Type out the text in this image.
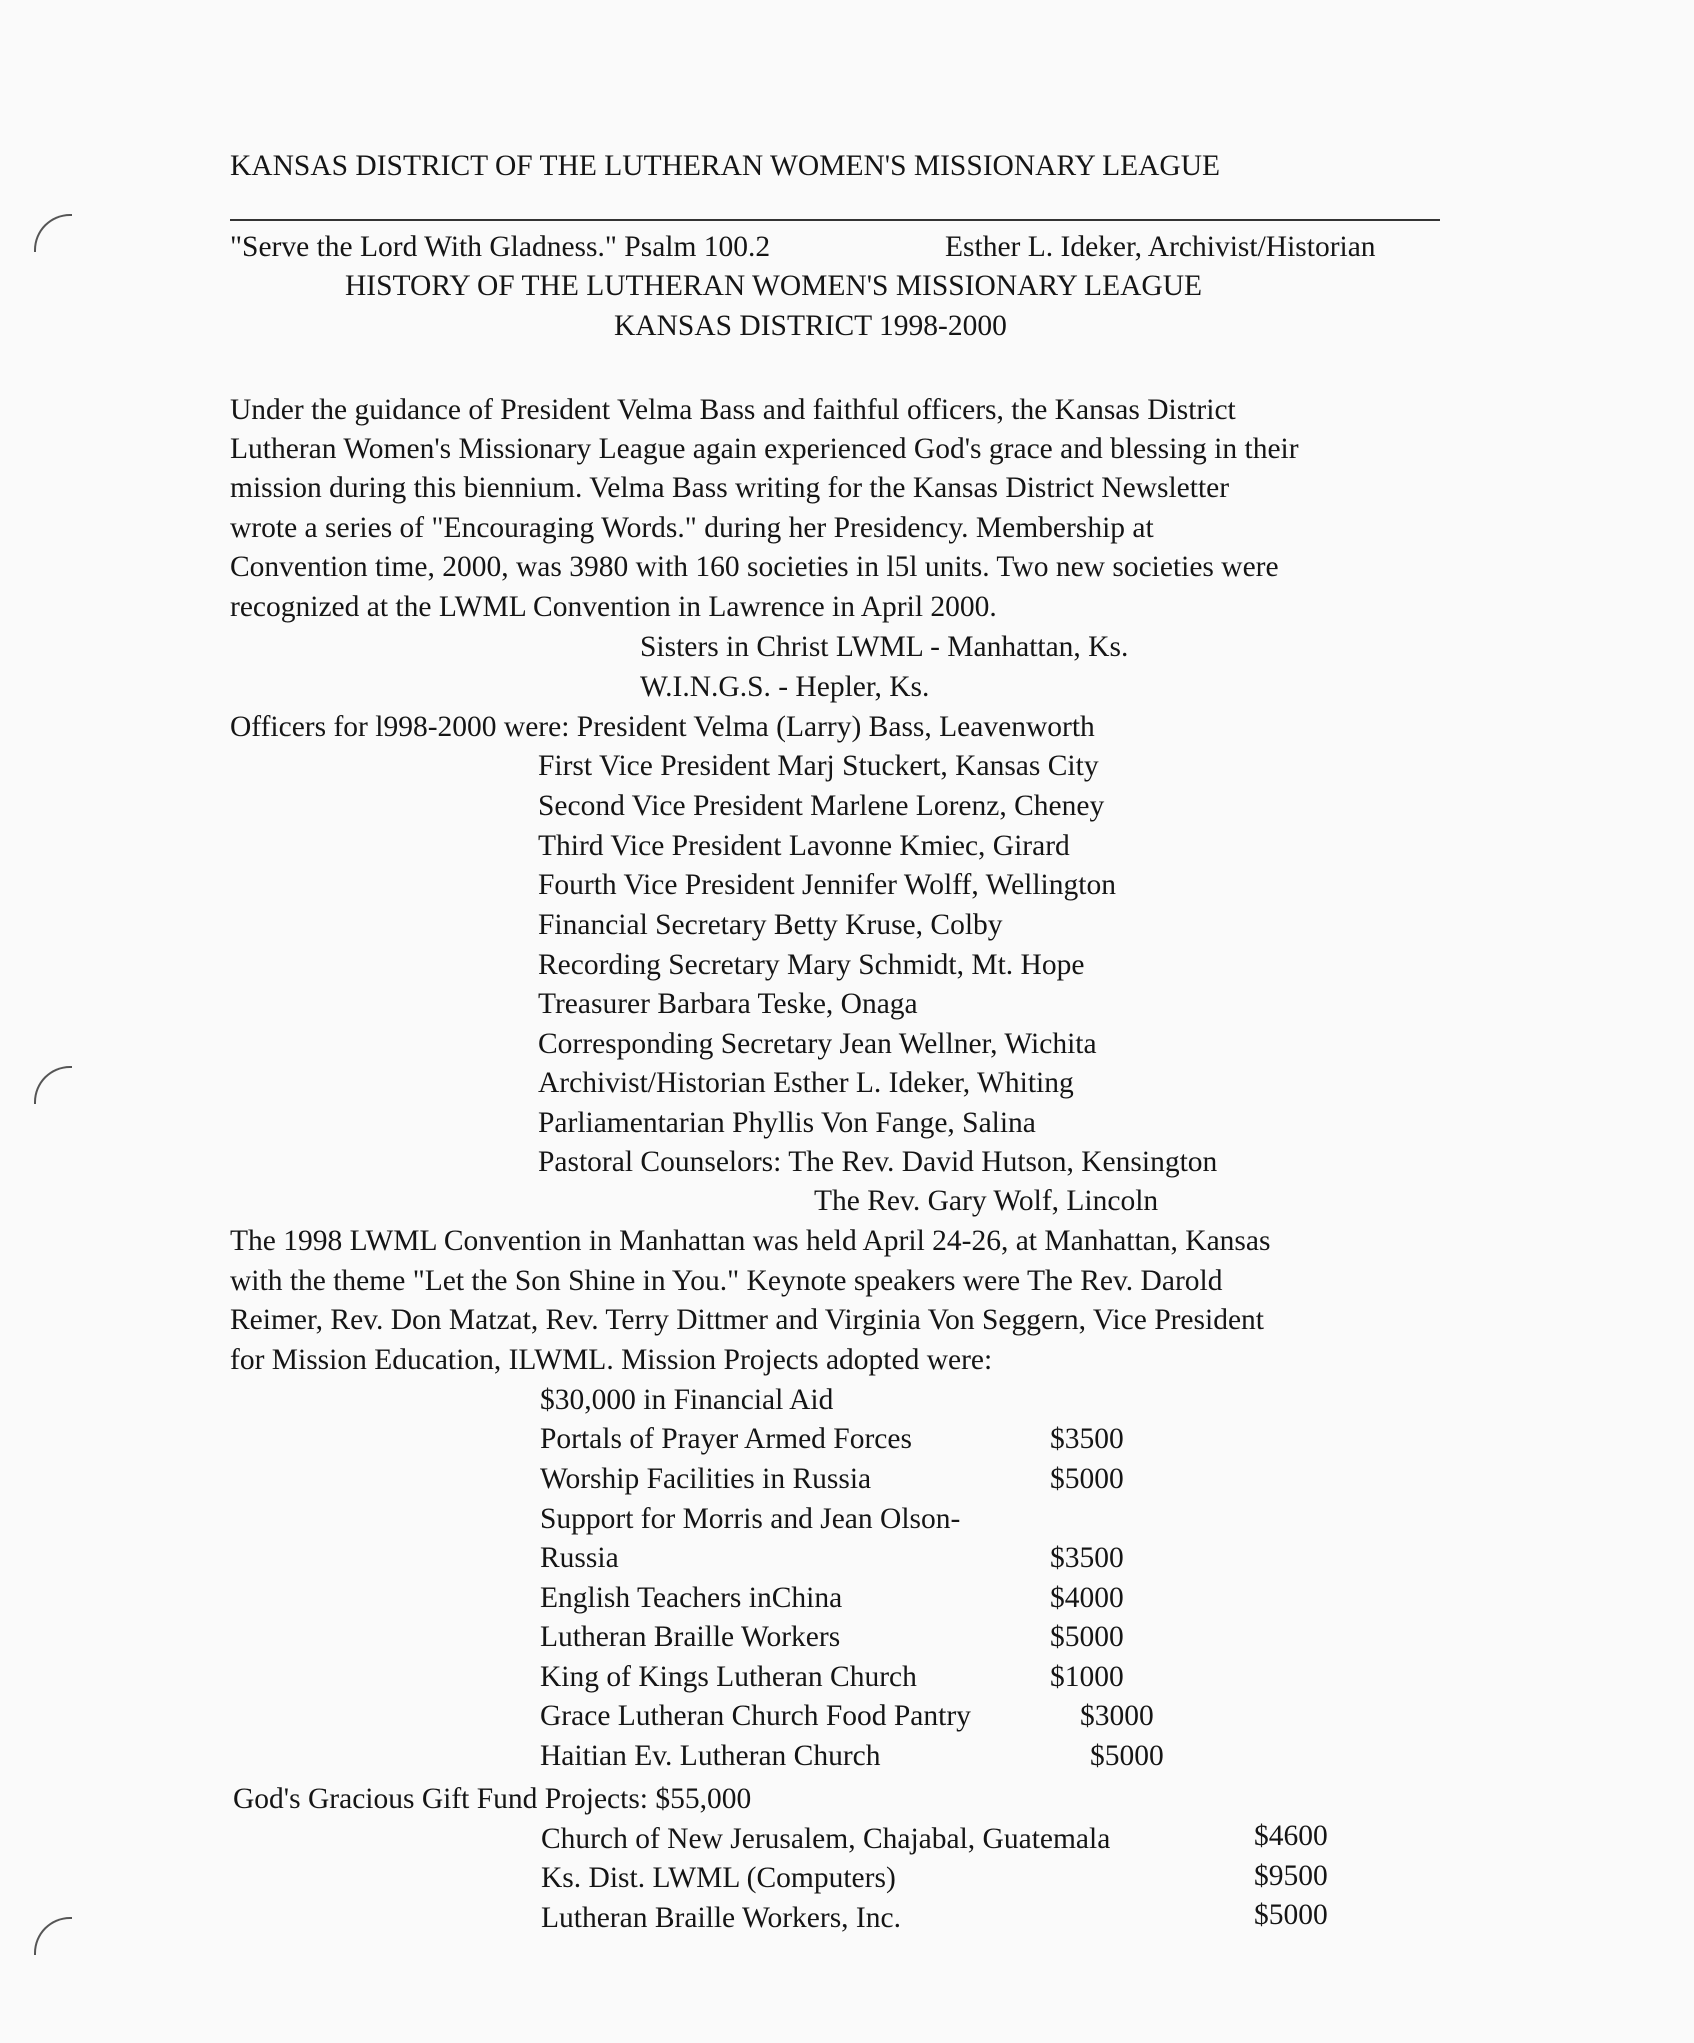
KANSAS DISTRICT OF THE LUTHERAN WOMEN'S MISSIONARY LEAGUE
"Serve the Lord With Gladness." Psalm 100.2	Esther L. Ideker, Archivist/Historian
HISTORY OF THE LUTHERAN WOMEN'S MISSIONARY LEAGUE
KANSAS DISTRICT 1998-2000
Under the guidance of President Velma Bass and faithful officers, the Kansas District
Lutheran Women's Missionary League again experienced God's grace and blessing in their
mission during this biennium. Velma Bass writing for the Kansas District Newsletter
wrote a series of "Encouraging Words." during her Presidency. Membership at
Convention time, 2000, was 3980 with 160 societies in l5l units. Two new societies were
recognized at the LWML Convention in Lawrence in April 2000.
Sisters in Christ LWML - Manhattan, Ks.
W.I.N.G.S. - Hepler, Ks.
Officers for l998-2000 were: President Velma (Larry) Bass, Leavenworth
First Vice President Marj Stuckert, Kansas City
Second Vice President Marlene Lorenz, Cheney
Third Vice President Lavonne Kmiec, Girard
Fourth Vice President Jennifer Wolff, Wellington
Financial Secretary Betty Kruse, Colby
Recording Secretary Mary Schmidt, Mt. Hope
Treasurer Barbara Teske, Onaga
Corresponding Secretary Jean Wellner, Wichita
Archivist/Historian Esther L. Ideker, Whiting
Parliamentarian Phyllis Von Fange, Salina
Pastoral Counselors: The Rev. David Hutson, Kensington
The Rev. Gary Wolf, Lincoln
The 1998 LWML Convention in Manhattan was held April 24-26, at Manhattan, Kansas
with the theme "Let the Son Shine in You." Keynote speakers were The Rev. Darold
Reimer, Rev. Don Matzat, Rev. Terry Dittmer and Virginia Von Seggern, Vice President
for Mission Education, ILWML. Mission Projects adopted were:
$30,000 in Financial Aid
Portals of Prayer Armed Forces	$3500
Worship Facilities in Russia	$5000
Support for Morris and Jean Olson-
Russia	$3500
English Teachers inChina	$4000
Lutheran Braille Workers	$5000
King of Kings Lutheran Church	$1000
Grace Lutheran Church Food Pantry	$3000
Haitian Ev. Lutheran Church	$5000
God's Gracious Gift Fund Projects: $55,000
Church of New Jerusalem, Chajabal, Guatemala	$4600
Ks. Dist. LWML (Computers)	$9500
Lutheran Braille Workers, Inc.	$5000
